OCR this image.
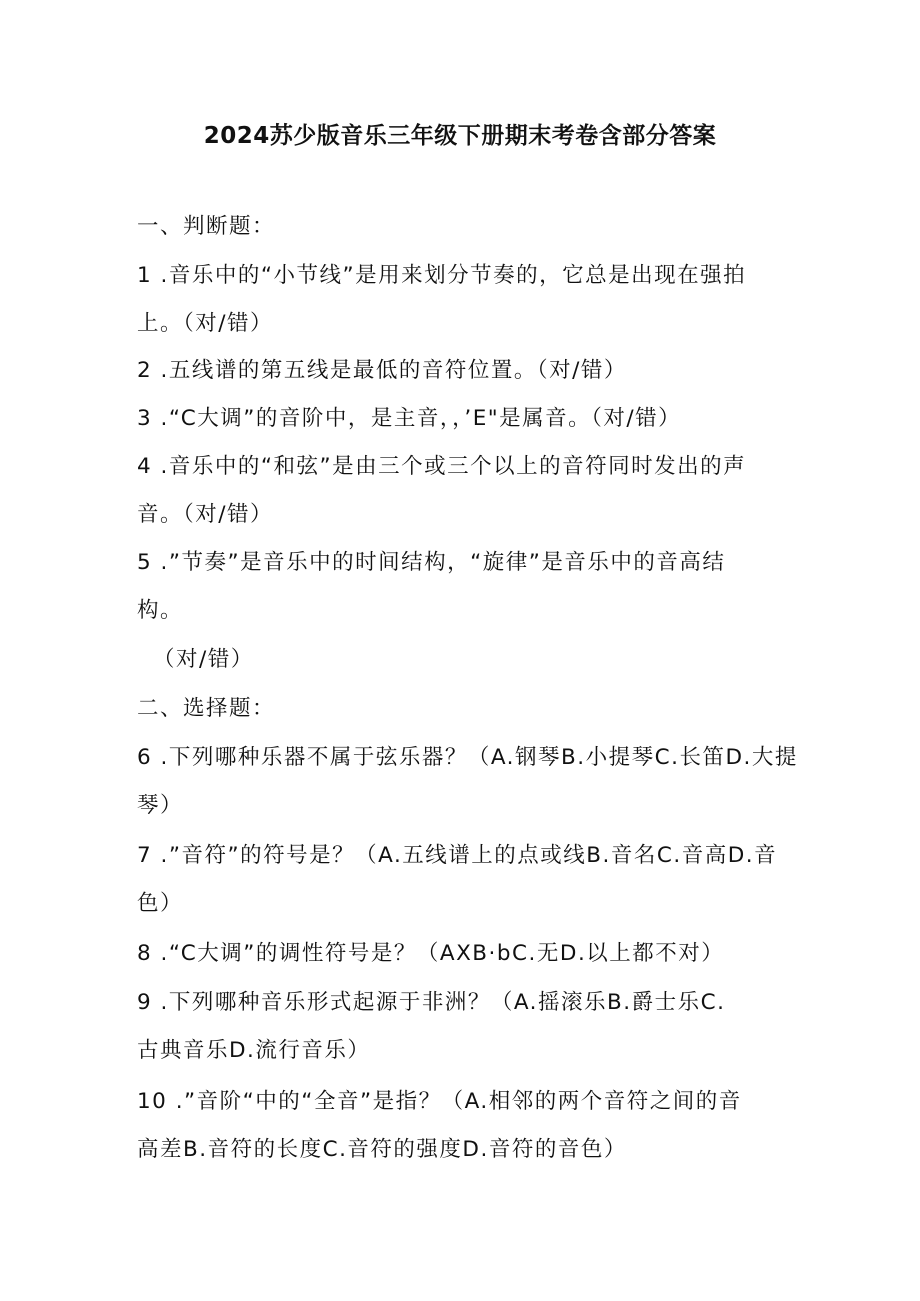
2024苏少版音乐三年级下册期末考卷含部分答案
一、判断题：
1 .音乐中的“小节线”是用来划分节奏的，它总是出现在强拍
上。（对/错）
2 .五线谱的第五线是最低的音符位置。（对/错）
3 .“C大调”的音阶中，是主音，，’E"是属音。（对/错）
4 .音乐中的“和弦”是由三个或三个以上的音符同时发出的声
音。（对/错）
5 .”节奏”是音乐中的时间结构，“旋律”是音乐中的音高结
构。
（对/错）
二、选择题：
6 .下列哪种乐器不属于弦乐器？（A.钢琴B.小提琴C.长笛D.大提
琴）
7 .”音符”的符号是？（A.五线谱上的点或线B.音名C.音高D.音
色）
8 .“C大调”的调性符号是？（AXB·bC.无D.以上都不对）
9 .下列哪种音乐形式起源于非洲？（A.摇滚乐B.爵士乐C.
古典音乐D.流行音乐）
10 .”音阶“中的“全音”是指？（A.相邻的两个音符之间的音
高差B.音符的长度C.音符的强度D.音符的音色）
